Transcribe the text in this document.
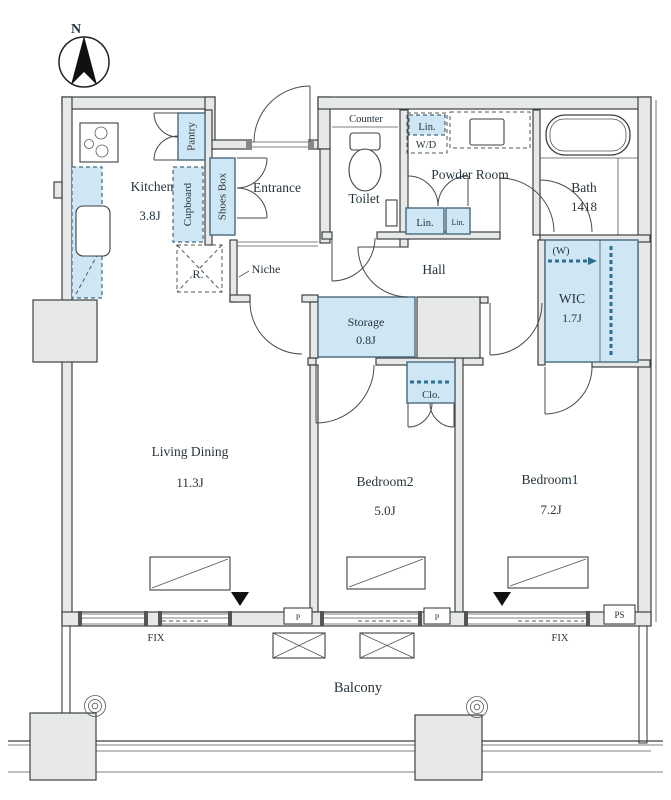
N
R.
Pantry
Cupboard Shoes Box
P	P	PS
FIX	FIX
Kitchen
3.8J
Entrance
Counter
Toilet
Lin.
W/D
Powder Room
Lin. Lin.
Bath
1418
Hall
Niche
Storage
0.8J
(W)
WIC
1.7J
Living Dining
11.3J	Bedroom2
5.0J
Clo.
Bedroom1
7.2J
Balcony
